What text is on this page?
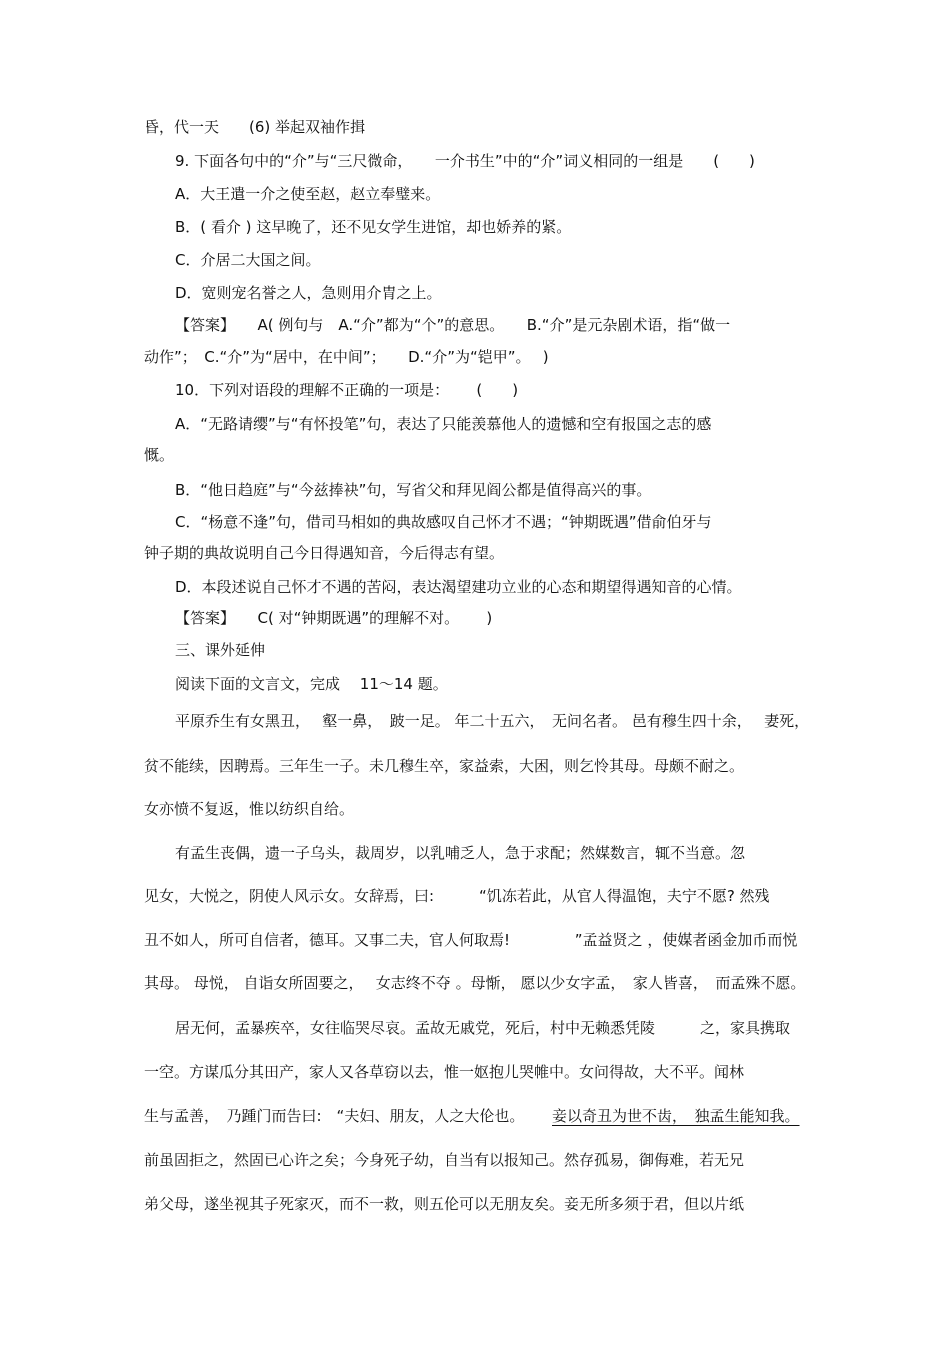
昏，代一天　　(6) 举起双袖作揖
9. 下面各句中的“介”与“三尺微命，　　一介书生”中的“介”词义相同的一组是　　(　　)
A．大王遣一介之使至赵，赵立奉璧来。
B．( 看介 ) 这早晚了，还不见女学生进馆，却也娇养的紧。
C．介居二大国之间。
D．宽则宠名誉之人，急则用介胄之上。
【答案】　　A( 例句与　A.“介”都为“个”的意思。　　B.“介”是元杂剧术语，指“做一
动作”；　C.“介”为“居中，在中间”；　　D.“介”为“铠甲”。　 )
10．下列对语段的理解不正确的一项是：　　 (　　)
A．“无路请缨”与“有怀投笔”句，表达了只能羡慕他人的遗憾和空有报国之志的感
慨。
B．“他日趋庭”与“今兹捧袂”句，写省父和拜见阎公都是值得高兴的事。
C．“杨意不逢”句，借司马相如的典故感叹自己怀才不遇；“钟期既遇”借俞伯牙与
钟子期的典故说明自己今日得遇知音，今后得志有望。
D．本段述说自己怀才不遇的苦闷，表达渴望建功立业的心态和期望得遇知音的心情。
【答案】　　C( 对“钟期既遇”的理解不对。　　 )
三、课外延伸
阅读下面的文言文，完成　 11～14 题。
平原乔生有女黑丑，　 壑一鼻，　跛一足。 年二十五六，　无问名者。 邑有穆生四十余，　 妻死，
贫不能续，因聘焉。三年生一子。未几穆生卒，家益索，大困，则乞怜其母。母颇不耐之。
女亦愤不复返，惟以纺织自给。
有孟生丧偶，遗一子乌头，裁周岁，以乳哺乏人，急于求配；然媒数言，辄不当意。忽
见女，大悦之，阴使人风示女。女辞焉，曰:　　　“饥冻若此，从官人得温饱，夫宁不愿? 然残
丑不如人，所可自信者，德耳。又事二夫，官人何取焉!　　　　 ”孟益贤之 ，使媒者函金加币而悦
其母。 母悦， 自诣女所固要之，　 女志终不夺 。母惭， 愿以少女字孟，　家人皆喜，　而孟殊不愿。
居无何，孟暴疾卒，女往临哭尽哀。孟故无戚党，死后，村中无赖悉凭陵　　　之，家具携取
一空。方谋瓜分其田产，家人又各草窃以去，惟一妪抱儿哭帷中。女问得故，大不平。闻林
生与孟善，　乃踵门而告曰:　“夫妇、朋友，人之大伦也。 妾以奇丑为世不齿，　独孟生能知我。
前虽固拒之，然固已心许之矣；今身死子幼，自当有以报知己。然存孤易，御侮难，若无兄
弟父母，遂坐视其子死家灭，而不一救，则五伦可以无朋友矣。妾无所多须于君，但以片纸
